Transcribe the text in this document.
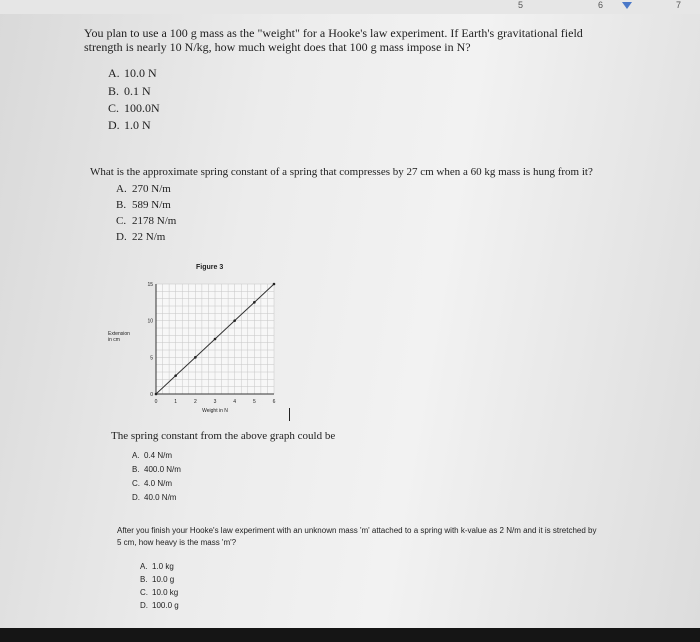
5	6	7
You plan to use a 100 g mass as the "weight" for a Hooke's law experiment. If Earth's gravitational field strength is nearly 10 N/kg, how much weight does that 100 g mass impose in N?
A. 10.0 N
B. 0.1 N
C. 100.0N
D. 1.0 N
What is the approximate spring constant of a spring that compresses by 27 cm when a 60 kg mass is hung from it?
A. 270 N/m
B. 589 N/m
C. 2178 N/m
D. 22 N/m
Figure 3
0	1	2	3	4	5	6
0
5
10
15
Weight in N
Extension
in cm
The spring constant from the above graph could be
A. 0.4 N/m
B. 400.0 N/m
C. 4.0 N/m
D. 40.0 N/m
After you finish your Hooke's law experiment with an unknown mass 'm' attached to a spring with k-value as 2 N/m and it is stretched by 5 cm, how heavy is the mass 'm'?
A. 1.0 kg
B. 10.0 g
C. 10.0 kg
D. 100.0 g
